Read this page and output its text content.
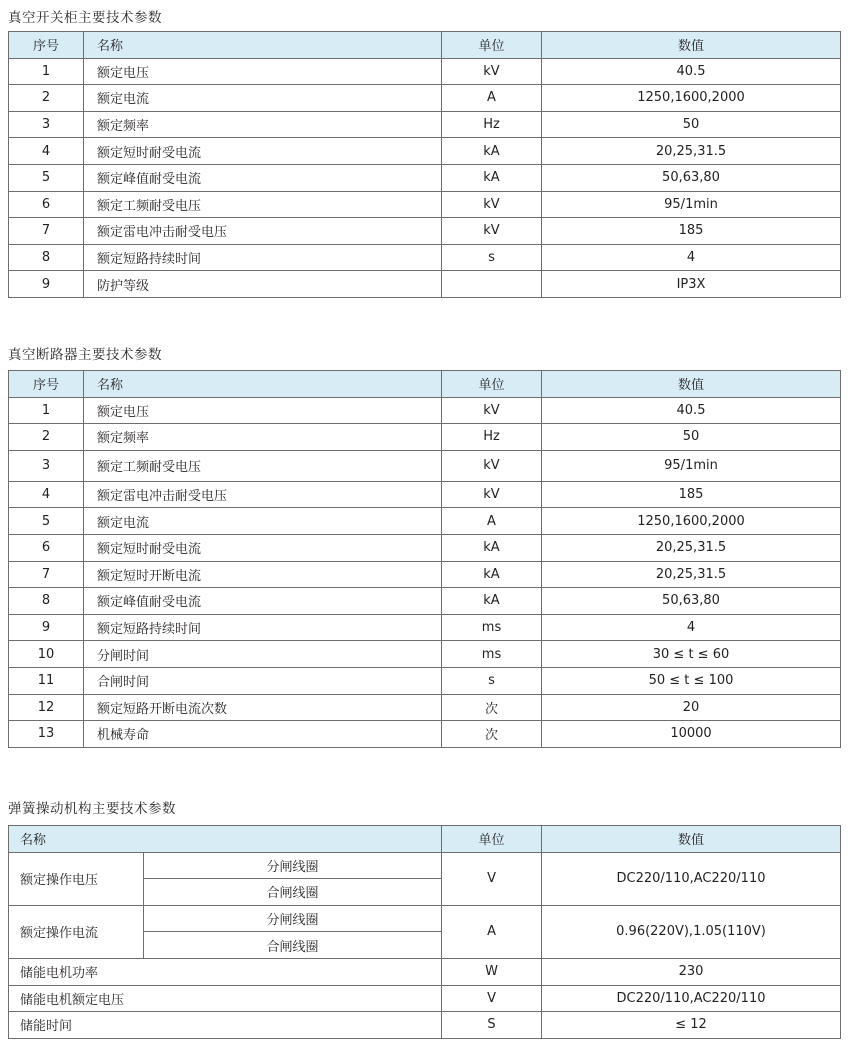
真空开关柜主要技术参数
序号	名称	单位	数值
1	额定电压	kV	40.5
2	额定电流	A	1250,1600,2000
3	额定频率	Hz	50
4	额定短时耐受电流	kA	20,25,31.5
5	额定峰值耐受电流	kA	50,63,80
6	额定工频耐受电压	kV	95/1min
7	额定雷电冲击耐受电压	kV	185
8	额定短路持续时间	s	4
9	防护等级		IP3X
真空断路器主要技术参数
序号	名称	单位	数值
1	额定电压	kV	40.5
2	额定频率	Hz	50
3	额定工频耐受电压	kV	95/1min
4	额定雷电冲击耐受电压	kV	185
5	额定电流	A	1250,1600,2000
6	额定短时耐受电流	kA	20,25,31.5
7	额定短时开断电流	kA	20,25,31.5
8	额定峰值耐受电流	kA	50,63,80
9	额定短路持续时间	ms	4
10	分闸时间	ms	30 ≤ t ≤ 60
11	合闸时间	s	50 ≤ t ≤ 100
12	额定短路开断电流次数	次	20
13	机械寿命	次	10000
弹簧操动机构主要技术参数
名称		单位	数值
额定操作电压	分闸线圈	V	DC220/110,AC220/110
	合闸线圈		
额定操作电流	分闸线圈	A	0.96(220V),1.05(110V)
	合闸线圈		
储能电机功率		W	230
储能电机额定电压		V	DC220/110,AC220/110
储能时间		S	≤ 12
